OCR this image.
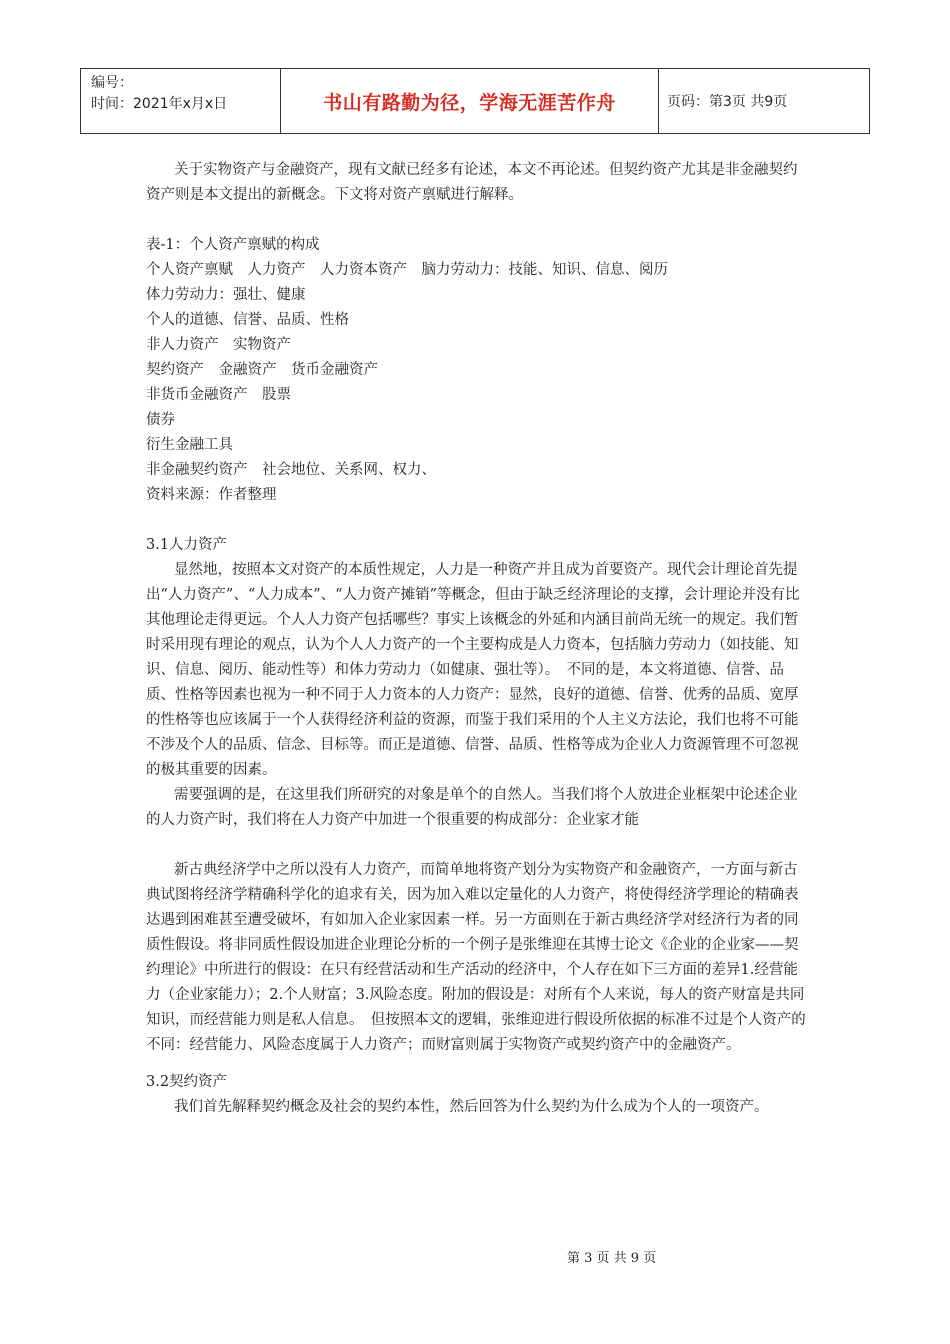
编号：
时间：2021年x月x日	书山有路勤为径，学海无涯苦作舟	页码：第3页 共9页

关于实物资产与金融资产，现有文献已经多有论述，本文不再论述。但契约资产尤其是非金融契约资产则是本文提出的新概念。下文将对资产禀赋进行解释。

表-1：个人资产禀赋的构成

个人资产禀赋　人力资产　人力资本资产　脑力劳动力：技能、知识、信息、阅历

体力劳动力：强壮、健康

个人的道德、信誉、品质、性格

非人力资产　实物资产

契约资产　金融资产　货币金融资产

非货币金融资产　股票

债券

衍生金融工具

非金融契约资产　社会地位、关系网、权力、

资料来源：作者整理

3.1人力资产

显然地，按照本文对资产的本质性规定，人力是一种资产并且成为首要资产。现代会计理论首先提出“人力资产”、“人力成本”、“人力资产摊销”等概念，但由于缺乏经济理论的支撑，会计理论并没有比其他理论走得更远。个人人力资产包括哪些？事实上该概念的外延和内涵目前尚无统一的规定。我们暂时采用现有理论的观点，认为个人人力资产的一个主要构成是人力资本，包括脑力劳动力（如技能、知识、信息、阅历、能动性等）和体力劳动力（如健康、强壮等）。　不同的是，本文将道德、信誉、品质、性格等因素也视为一种不同于人力资本的人力资产：显然，良好的道德、信誉、优秀的品质、宽厚的性格等也应该属于一个人获得经济利益的资源，而鉴于我们采用的个人主义方法论，我们也将不可能不涉及个人的品质、信念、目标等。而正是道德、信誉、品质、性格等成为企业人力资源管理不可忽视的极其重要的因素。

需要强调的是，在这里我们所研究的对象是单个的自然人。当我们将个人放进企业框架中论述企业的人力资产时，我们将在人力资产中加进一个很重要的构成部分：企业家才能

新古典经济学中之所以没有人力资产，而简单地将资产划分为实物资产和金融资产，一方面与新古典试图将经济学精确科学化的追求有关，因为加入难以定量化的人力资产，将使得经济学理论的精确表达遇到困难甚至遭受破坏，有如加入企业家因素一样。另一方面则在于新古典经济学对经济行为者的同质性假设。将非同质性假设加进企业理论分析的一个例子是张维迎在其博士论文《企业的企业家——契约理论》中所进行的假设：在只有经营活动和生产活动的经济中，个人存在如下三方面的差异1.经营能力（企业家能力）；2.个人财富；3.风险态度。附加的假设是：对所有个人来说，每人的资产财富是共同知识，而经营能力则是私人信息。　但按照本文的逻辑，张维迎进行假设所依据的标准不过是个人资产的不同：经营能力、风险态度属于人力资产；而财富则属于实物资产或契约资产中的金融资产。

3.2契约资产

我们首先解释契约概念及社会的契约本性，然后回答为什么契约为什么成为个人的一项资产。

第 3 页 共 9 页
